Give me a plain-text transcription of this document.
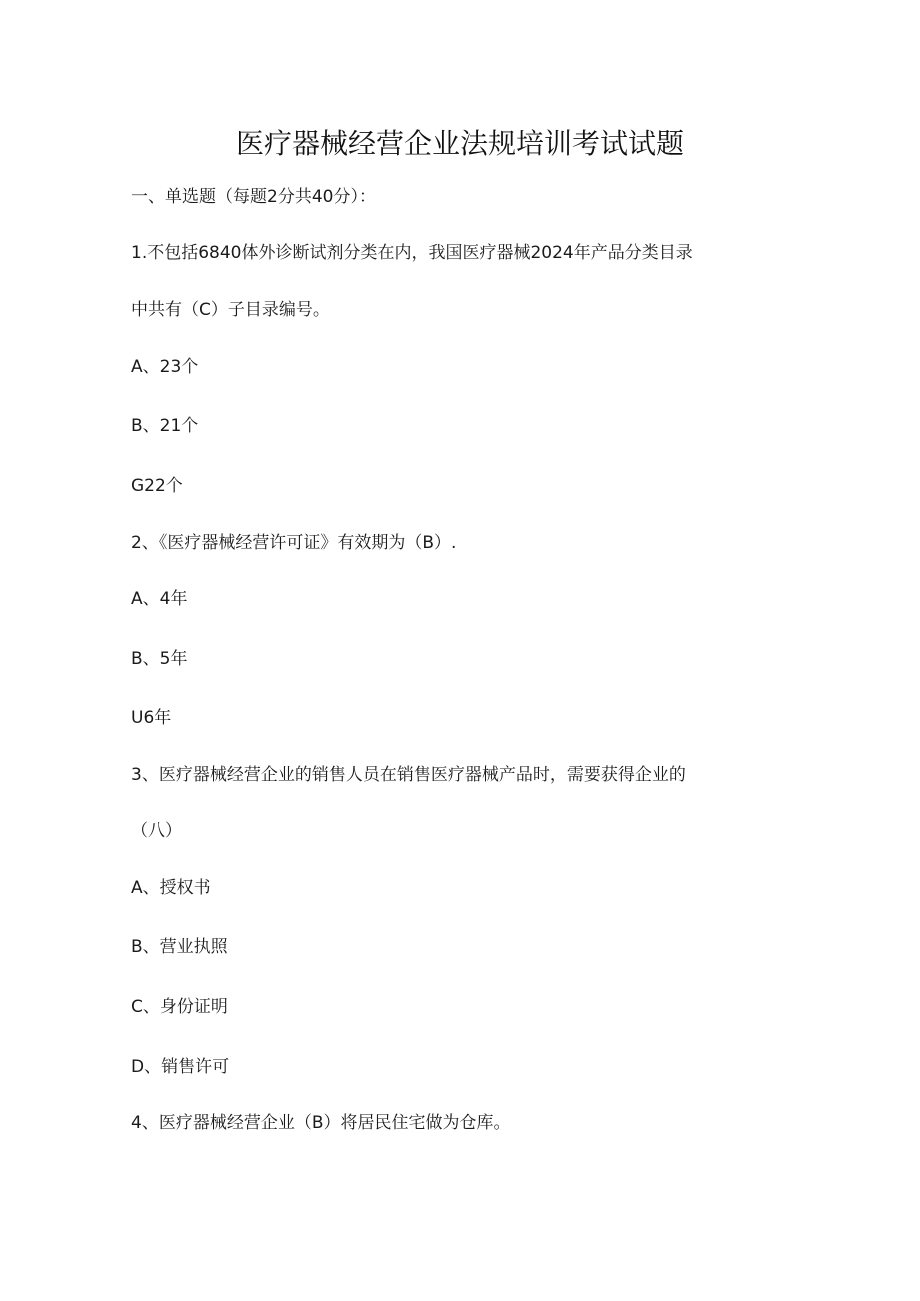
医疗器械经营企业法规培训考试试题
一、单选题（每题2分共40分）：
1.不包括6840体外诊断试剂分类在内，我国医疗器械2024年产品分类目录
中共有（C）子目录编号。
A、23个
B、21个
G22个
2、《医疗器械经营许可证》有效期为（B）.
A、4年
B、5年
U6年
3、医疗器械经营企业的销售人员在销售医疗器械产品时，需要获得企业的
（八）
A、授权书
B、营业执照
C、身份证明
D、销售许可
4、医疗器械经营企业（B）将居民住宅做为仓库。
